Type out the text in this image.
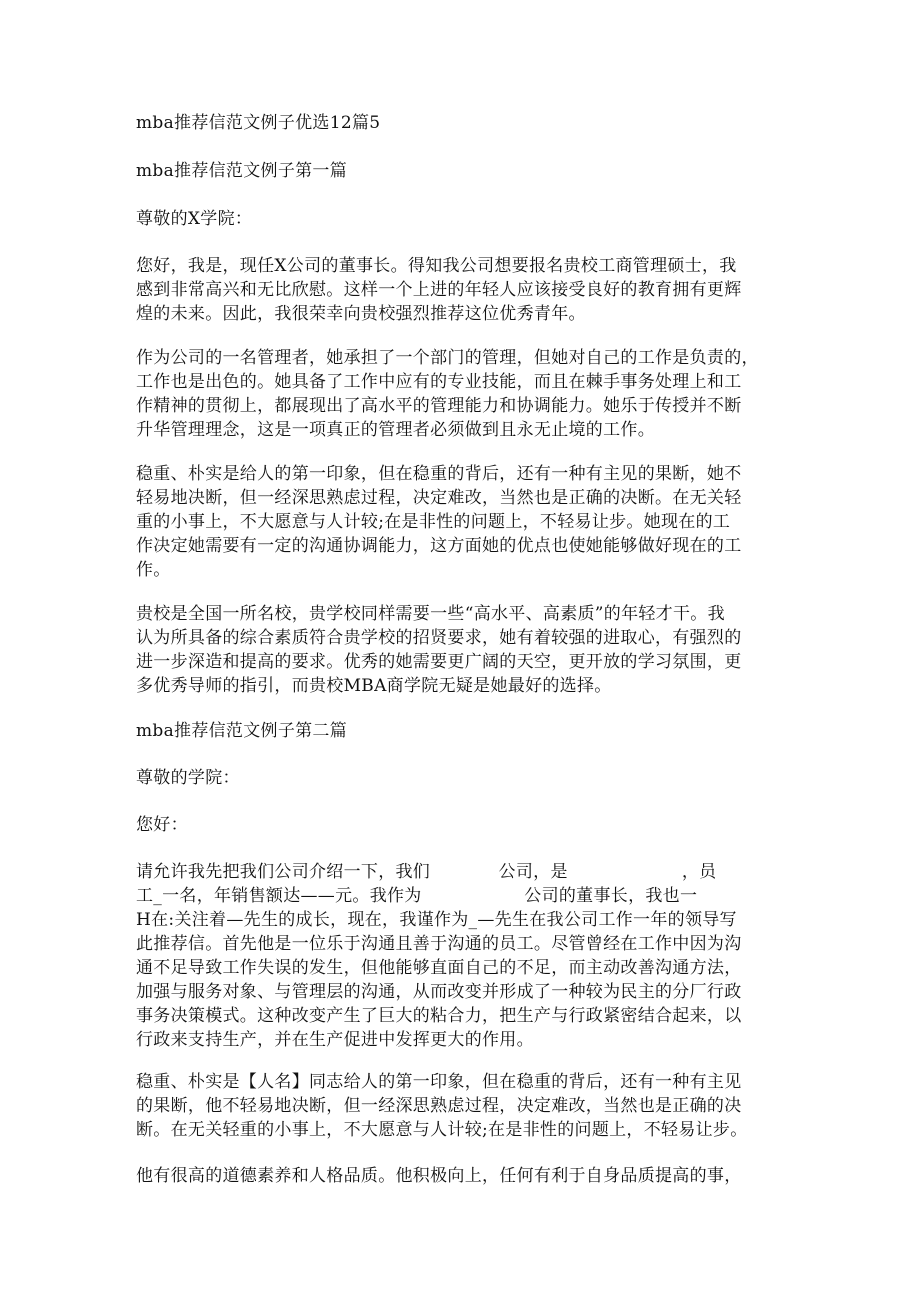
mba推荐信范文例子优选12篇5
mba推荐信范文例子第一篇
尊敬的X学院：
您好，我是，现任X公司的董事长。得知我公司想要报名贵校工商管理硕士，我
感到非常高兴和无比欣慰。这样一个上进的年轻人应该接受良好的教育拥有更辉
煌的未来。因此，我很荣幸向贵校强烈推荐这位优秀青年。
作为公司的一名管理者，她承担了一个部门的管理，但她对自己的工作是负责的，
工作也是出色的。她具备了工作中应有的专业技能，而且在棘手事务处理上和工
作精神的贯彻上，都展现出了高水平的管理能力和协调能力。她乐于传授并不断
升华管理理念，这是一项真正的管理者必须做到且永无止境的工作。
稳重、朴实是给人的第一印象，但在稳重的背后，还有一种有主见的果断，她不
轻易地决断，但一经深思熟虑过程，决定难改，当然也是正确的决断。在无关轻
重的小事上，不大愿意与人计较;在是非性的问题上，不轻易让步。她现在的工
作决定她需要有一定的沟通协调能力，这方面她的优点也使她能够做好现在的工
作。
贵校是全国一所名校，贵学校同样需要一些“高水平、高素质”的年轻才干。我
认为所具备的综合素质符合贵学校的招贤要求，她有着较强的进取心，有强烈的
进一步深造和提高的要求。优秀的她需要更广阔的天空，更开放的学习氛围，更
多优秀导师的指引，而贵校MBA商学院无疑是她最好的选择。
mba推荐信范文例子第二篇
尊敬的学院：
您好：
请允许我先把我们公司介绍一下，我们            公司，是                    ，员
工_一名，年销售额达——元。我作为                  公司的董事长，我也一
H在:关注着—先生的成长，现在，我谨作为_—先生在我公司工作一年的领导写
此推荐信。首先他是一位乐于沟通且善于沟通的员工。尽管曾经在工作中因为沟
通不足导致工作失误的发生，但他能够直面自己的不足，而主动改善沟通方法，
加强与服务对象、与管理层的沟通，从而改变并形成了一种较为民主的分厂行政
事务决策模式。这种改变产生了巨大的粘合力，把生产与行政紧密结合起来，以
行政来支持生产，并在生产促进中发挥更大的作用。
稳重、朴实是【人名】同志给人的第一印象，但在稳重的背后，还有一种有主见
的果断，他不轻易地决断，但一经深思熟虑过程，决定难改，当然也是正确的决
断。在无关轻重的小事上，不大愿意与人计较;在是非性的问题上，不轻易让步。
他有很高的道德素养和人格品质。他积极向上，任何有利于自身品质提高的事，
